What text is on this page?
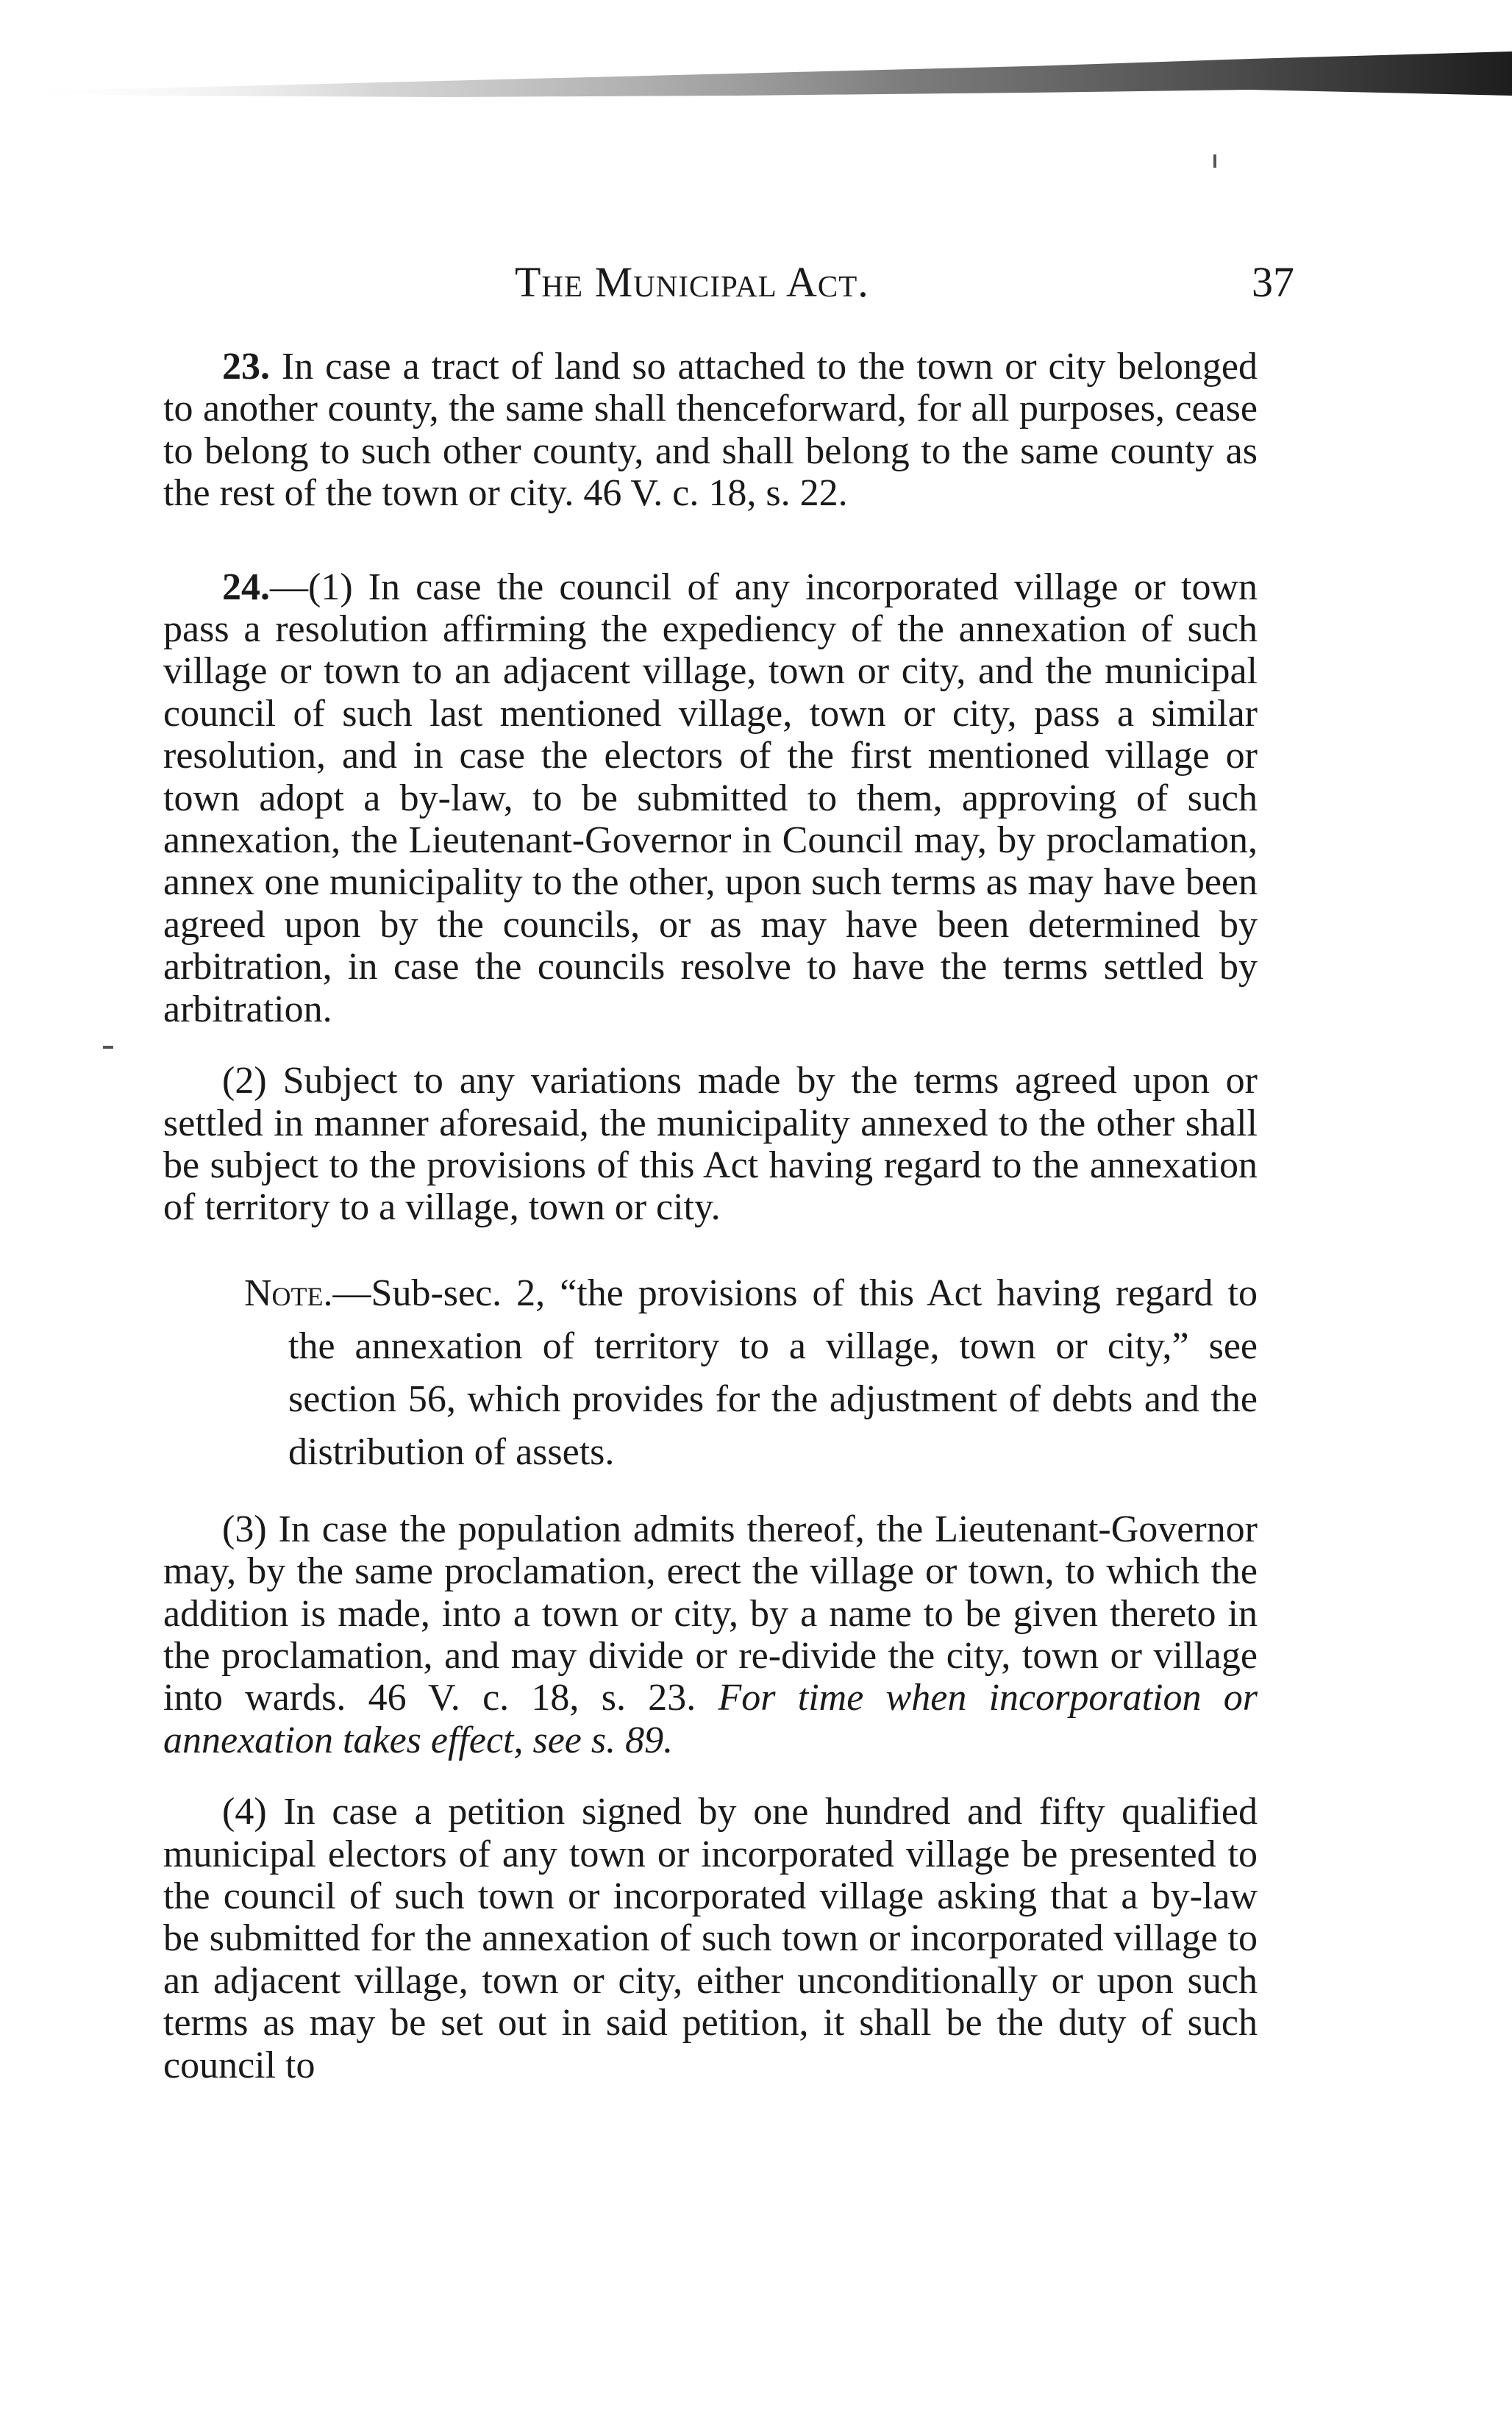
The Municipal Act.	37

23. In case a tract of land so attached to the town or city belonged to another county, the same shall thenceforward, for all purposes, cease to belong to such other county, and shall belong to the same county as the rest of the town or city. 46 V. c. 18, s. 22.

24.—(1) In case the council of any incorporated village or town pass a resolution affirming the expediency of the annexation of such village or town to an adjacent village, town or city, and the municipal council of such last mentioned village, town or city, pass a similar resolution, and in case the electors of the first mentioned village or town adopt a by-law, to be submitted to them, approving of such annexation, the Lieutenant-Governor in Council may, by proclamation, annex one municipality to the other, upon such terms as may have been agreed upon by the councils, or as may have been determined by arbitration, in case the councils resolve to have the terms settled by arbitration.

(2) Subject to any variations made by the terms agreed upon or settled in manner aforesaid, the municipality annexed to the other shall be subject to the provisions of this Act having regard to the annexation of territory to a village, town or city.

Note.—Sub-sec. 2, “the provisions of this Act having regard to the annexation of territory to a village, town or city,” see section 56, which provides for the adjustment of debts and the distribution of assets.

(3) In case the population admits thereof, the Lieutenant-Governor may, by the same proclamation, erect the village or town, to which the addition is made, into a town or city, by a name to be given thereto in the proclamation, and may divide or re-divide the city, town or village into wards. 46 V. c. 18, s. 23. For time when incorporation or annexation takes effect, see s. 89.

(4) In case a petition signed by one hundred and fifty qualified municipal electors of any town or incorporated village be presented to the council of such town or incorporated village asking that a by-law be submitted for the annexation of such town or incorporated village to an adjacent village, town or city, either unconditionally or upon such terms as may be set out in said petition, it shall be the duty of such council to
